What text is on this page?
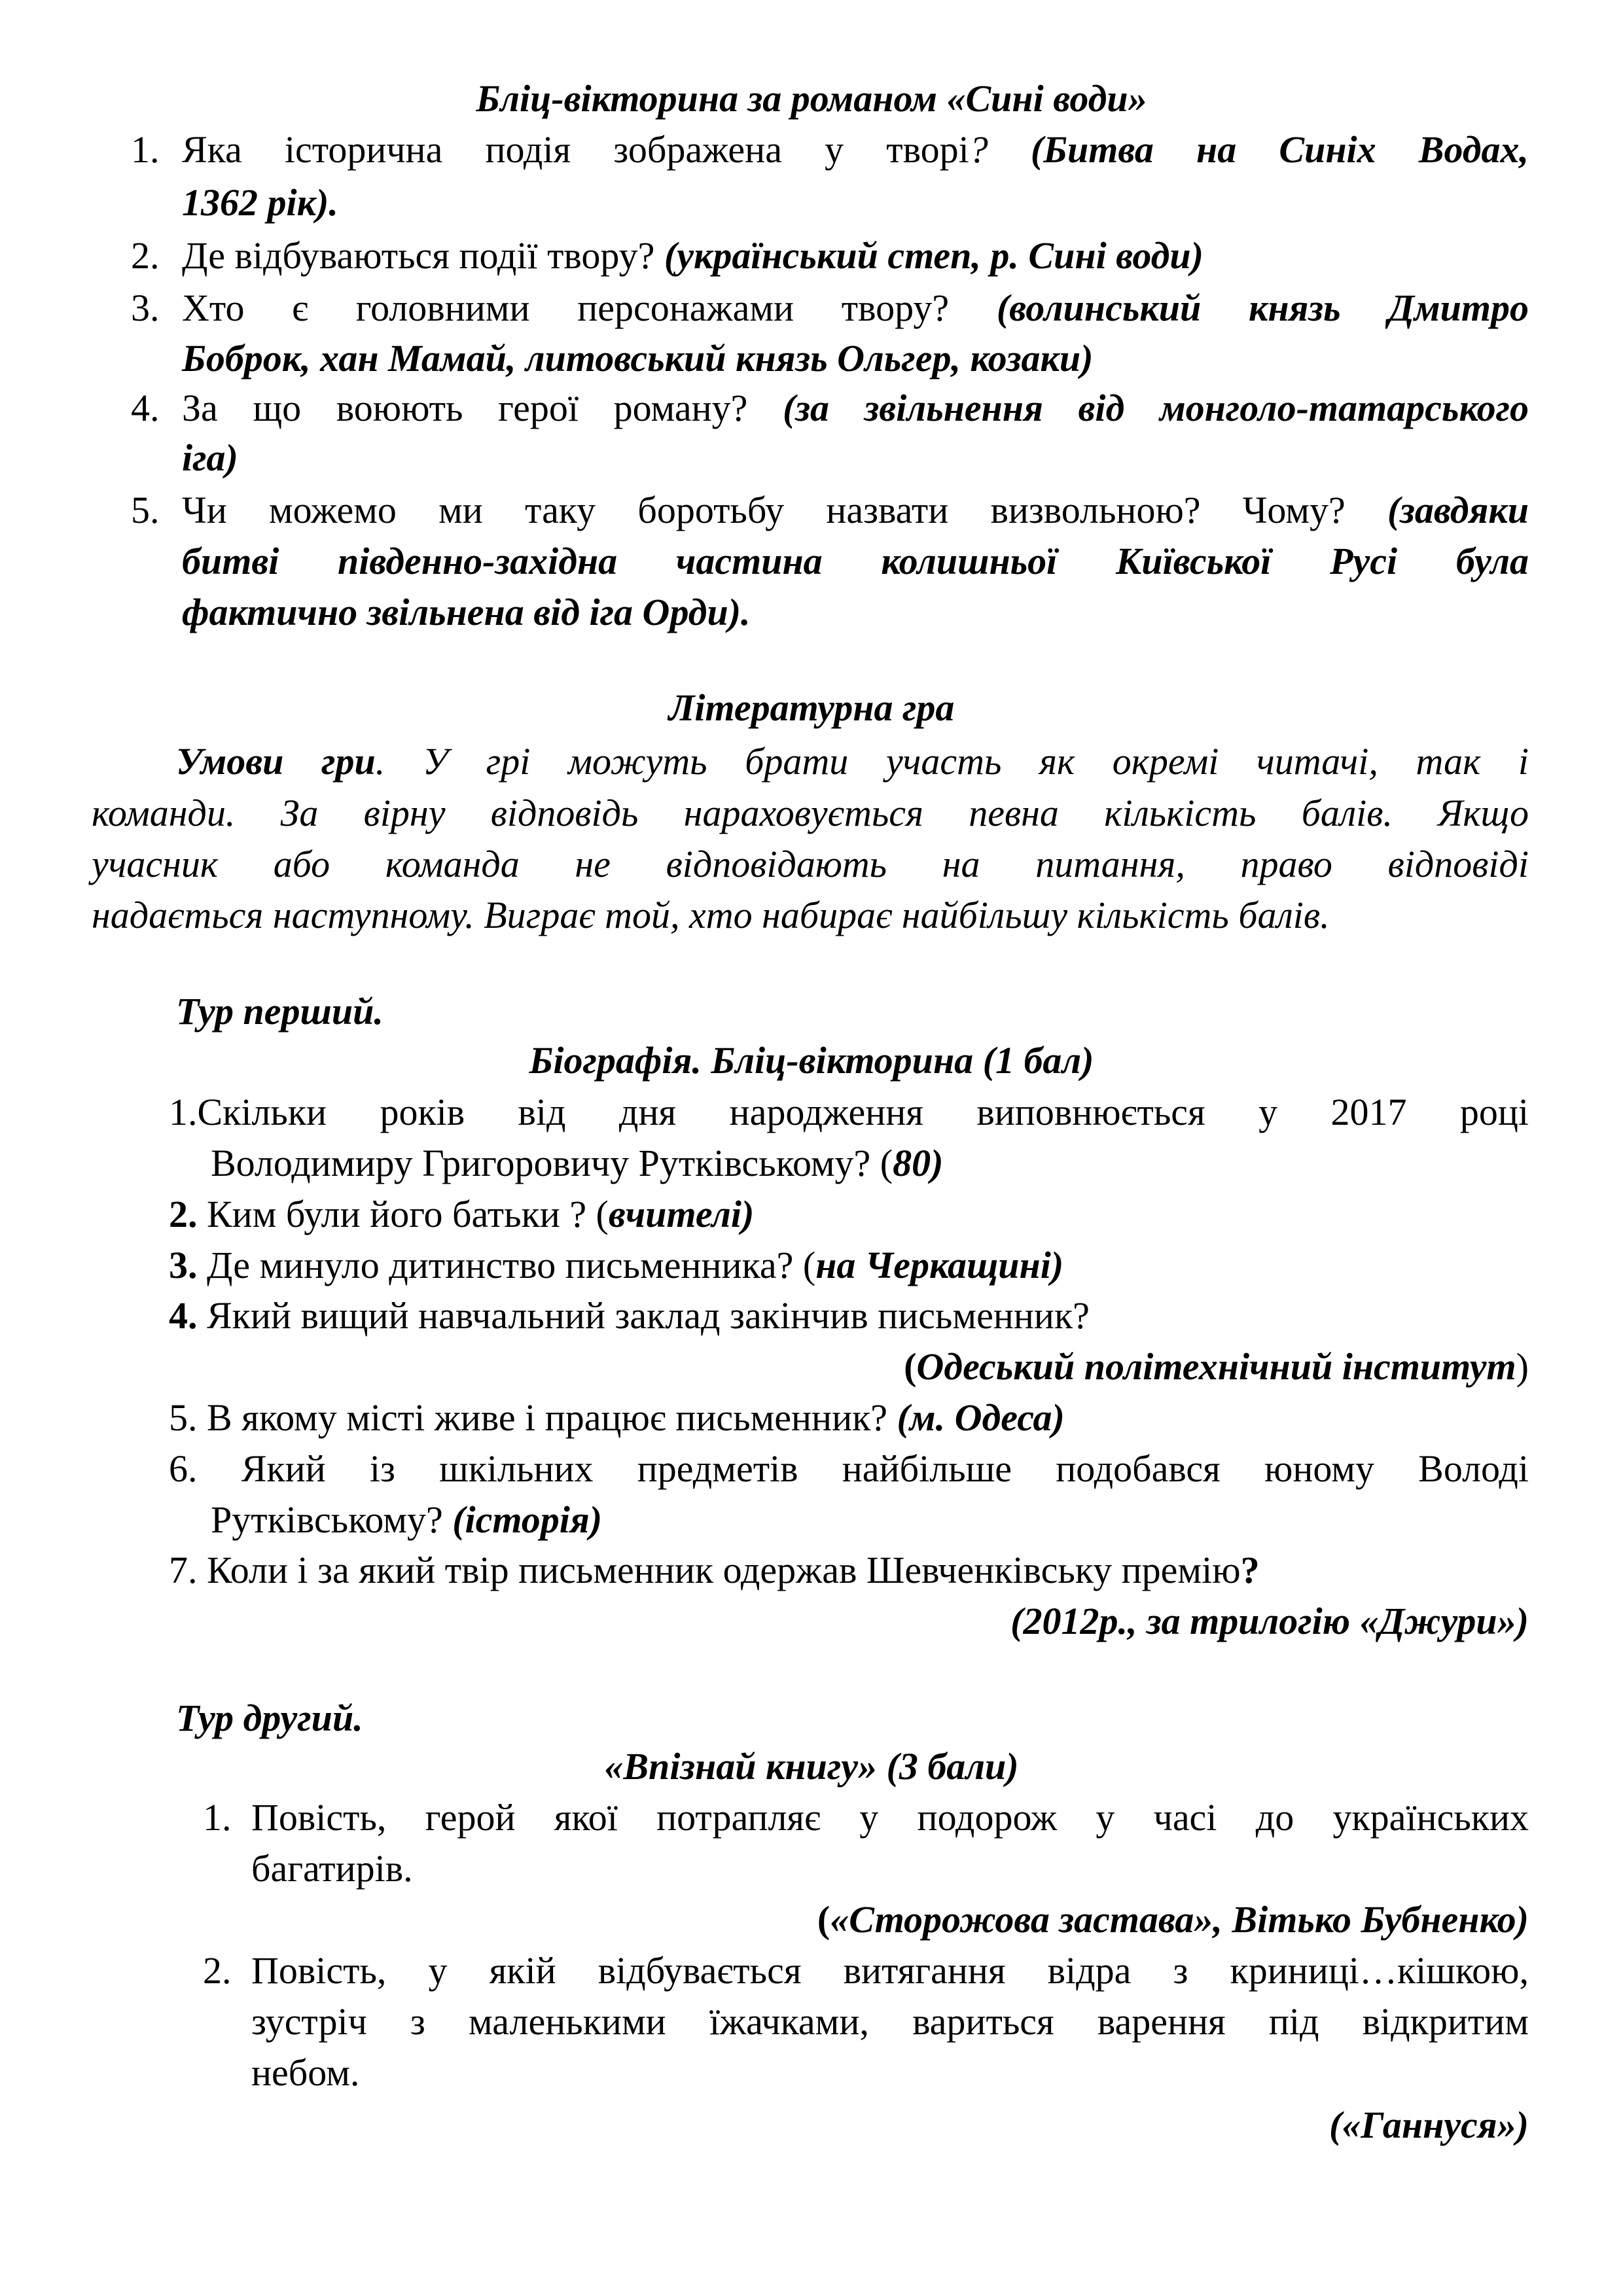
Бліц-вікторина за романом «Сині води»
1. Яка історична подія зображена у творі? (Битва на Синіх Водах,
1362 рік).
2. Де відбуваються події твору? (український степ, р. Сині води)
3. Хто є головними персонажами твору? (волинський князь Дмитро
Боброк, хан Мамай, литовський князь Ольгер, козаки)
4. За що воюють герої роману? (за звільнення від монголо-татарського
іга)
5. Чи можемо ми таку боротьбу назвати визвольною? Чому? (завдяки
битві південно-західна частина колишньої Київської Русі була
фактично звільнена від іга Орди).
Літературна гра
Умови гри. У грі можуть брати участь як окремі читачі, так і
команди. За вірну відповідь нараховується певна кількість балів. Якщо
учасник або команда не відповідають на питання, право відповіді
надається наступному. Виграє той, хто набирає найбільшу кількість балів.
Тур перший.
Біографія. Бліц-вікторина (1 бал)
1.Скільки років від дня народження виповнюється у 2017 році
Володимиру Григоровичу Рутківському? (80)
2. Ким були його батьки ? (вчителі)
3. Де минуло дитинство письменника? (на Черкащині)
4. Який вищий навчальний заклад закінчив письменник?
(Одеський політехнічний інститут)
5. В якому місті живе і працює письменник? (м. Одеса)
6. Який із шкільних предметів найбільше подобався юному Володі
Рутківському? (історія)
7. Коли і за який твір письменник одержав Шевченківську премію?
(2012р., за трилогію «Джури»)
Тур другий.
«Впізнай книгу» (3 бали)
1. Повість, герой якої потрапляє у подорож у часі до українських
багатирів.
(«Сторожова застава», Вітько Бубненко)
2. Повість, у якій відбувається витягання відра з криниці…кішкою,
зустріч з маленькими їжачками, вариться варення під відкритим
небом.
(«Ганнуся»)
